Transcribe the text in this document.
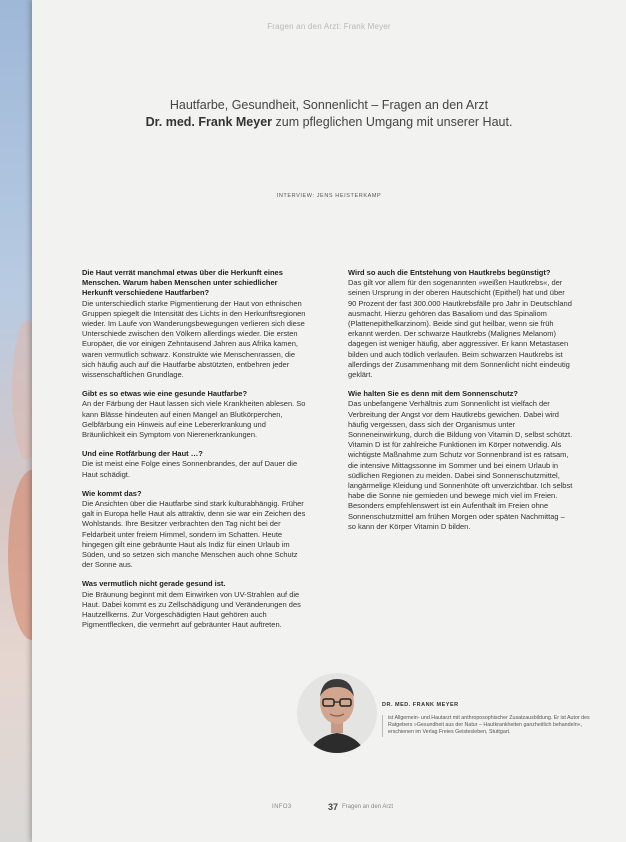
Fragen an den Arzt: Frank Meyer
Hautfarbe, Gesundheit, Sonnenlicht – Fragen an den Arzt
Dr. med. Frank Meyer zum pfleglichen Umgang mit unserer Haut.
INTERVIEW: JENS HEISTERKAMP

Die Haut verrät manchmal etwas über die Herkunft eines Menschen. Warum haben Menschen unter schiedlicher Herkunft verschiedene Hautfarben?

Die unterschiedlich starke Pigmentierung der Haut von ethnischen Gruppen spiegelt die Intensität des Lichts in den Herkunftsregionen wieder. Im Laufe von Wanderungsbewegungen verlieren sich diese Unterschiede zwischen den Völkern allerdings wieder. Die ersten Europäer, die vor einigen Zehntausend Jahren aus Afrika kamen, waren vermutlich schwarz. Konstrukte wie Menschenrassen, die sich häufig auch auf die Hautfarbe abstützten, entbehren jeder wissenschaftlichen Grundlage.

Gibt es so etwas wie eine gesunde Hautfarbe?

An der Färbung der Haut lassen sich viele Krankheiten ablesen. So kann Blässe hindeuten auf einen Mangel an Blutkörperchen, Gelbfärbung ein Hinweis auf eine Lebererkrankung und Bräunlichkeit ein Symptom von Nierenerkrankungen.

Und eine Rotfärbung der Haut …?

Die ist meist eine Folge eines Sonnenbrandes, der auf Dauer die Haut schädigt.

Wie kommt das?

Die Ansichten über die Hautfarbe sind stark kulturabhängig. Früher galt in Europa helle Haut als attraktiv, denn sie war ein Zeichen des Wohlstands. Ihre Besitzer verbrachten den Tag nicht bei der Feldarbeit unter freiem Himmel, sondern im Schatten. Heute hingegen gilt eine gebräunte Haut als Indiz für einen Urlaub im Süden, und so setzen sich manche Menschen auch ohne Schutz der Sonne aus.

Was vermutlich nicht gerade gesund ist.

Die Bräunung beginnt mit dem Einwirken von UV-Strahlen auf die Haut. Dabei kommt es zu Zellschädigung und Veränderungen des Hautzellkerns. Zur Vorgeschädigten Haut gehören auch Pigmentflecken, die vermehrt auf gebräunter Haut auftreten.

Wird so auch die Entstehung von Hautkrebs begünstigt?

Das gilt vor allem für den sogenannten »weißen Hautkrebs«, der seinen Ursprung in der oberen Hautschicht (Epithel) hat und über 90 Prozent der fast 300.000 Hautkrebsfälle pro Jahr in Deutschland ausmacht. Hierzu gehören das Basaliom und das Spinaliom (Plattenepithelkarzinom). Beide sind gut heilbar, wenn sie früh erkannt werden. Der schwarze Hautkrebs (Malignes Melanom) dagegen ist weniger häufig, aber aggressiver. Er kann Metastasen bilden und auch tödlich verlaufen. Beim schwarzen Hautkrebs ist allerdings der Zusammenhang mit dem Sonnenlicht nicht eindeutig geklärt.

Wie halten Sie es denn mit dem Sonnenschutz?

Das unbefangene Verhältnis zum Sonnenlicht ist vielfach der Verbreitung der Angst vor dem Hautkrebs gewichen. Dabei wird häufig vergessen, dass sich der Organismus unter Sonneneinwirkung, durch die Bildung von Vitamin D, selbst schützt. Vitamin D ist für zahlreiche Funktionen im Körper notwendig. Als wichtigste Maßnahme zum Schutz vor Sonnenbrand ist es ratsam, die intensive Mittagssonne im Sommer und bei einem Urlaub in südlichen Regionen zu meiden. Dabei sind Sonnenschutzmittel, langärmelige Kleidung und Sonnenhüte oft unverzichtbar. Ich selbst habe die Sonne nie gemieden und bewege mich viel im Freien. Besonders empfehlenswert ist ein Aufenthalt im Freien ohne Sonnenschutzmittel am frühen Morgen oder späten Nachmittag – so kann der Körper Vitamin D bilden.

DR. MED. FRANK MEYER

ist Allgemein- und Hautarzt mit anthroposophischer Zusatzausbildung. Er ist Autor des Ratgebers »Gesundheit aus der Natur – Hautkrankheiten ganzheitlich behandeln«, erschienen im Verlag Freies Geistesleben, Stuttgart.

INFO3	37 Fragen an den Arzt
